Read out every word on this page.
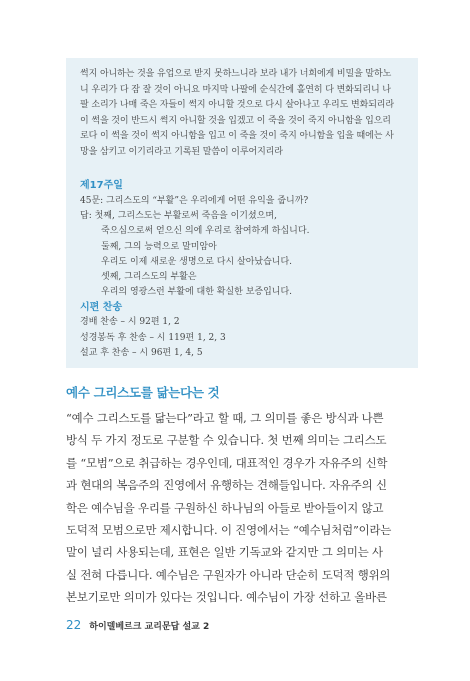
썩지 아니하는 것을 유업으로 받지 못하느니라 보라 내가 너희에게 비밀을 말하노
니 우리가 다 잠 잘 것이 아니요 마지막 나팔에 순식간에 홀연히 다 변화되리니 나
팔 소리가 나매 죽은 자들이 썩지 아니할 것으로 다시 살아나고 우리도 변화되리라
이 썩을 것이 반드시 썩지 아니할 것을 입겠고 이 죽을 것이 죽지 아니함을 입으리
로다 이 썩을 것이 썩지 아니함을 입고 이 죽을 것이 죽지 아니함을 입을 때에는 사
망을 삼키고 이기리라고 기록된 말씀이 이루어지리라
제17주일
45문: 그리스도의 “부활”은 우리에게 어떤 유익을 줍니까?
답: 첫째, 그리스도는 부활로써 죽음을 이기셨으며,
죽으심으로써 얻으신 의에 우리로 참여하게 하십니다.
둘째, 그의 능력으로 말미암아
우리도 이제 새로운 생명으로 다시 살아났습니다.
셋째, 그리스도의 부활은
우리의 영광스런 부활에 대한 확실한 보증입니다.
시편 찬송
경배 찬송 – 시 92편 1, 2
성경봉독 후 찬송 – 시 119편 1, 2, 3
설교 후 찬송 – 시 96편 1, 4, 5
예수 그리스도를 닮는다는 것
“예수 그리스도를 닮는다”라고 할 때, 그 의미를 좋은 방식과 나쁜
방식 두 가지 정도로 구분할 수 있습니다. 첫 번째 의미는 그리스도
를 “모범”으로 취급하는 경우인데, 대표적인 경우가 자유주의 신학
과 현대의 복음주의 진영에서 유행하는 견해들입니다. 자유주의 신
학은 예수님을 우리를 구원하신 하나님의 아들로 받아들이지 않고
도덕적 모범으로만 제시합니다. 이 진영에서는 “예수님처럼”이라는
말이 널리 사용되는데, 표현은 일반 기독교와 같지만 그 의미는 사
실 전혀 다릅니다. 예수님은 구원자가 아니라 단순히 도덕적 행위의
본보기로만 의미가 있다는 것입니다. 예수님이 가장 선하고 올바른
22 하이델베르크 교리문답 설교 2
